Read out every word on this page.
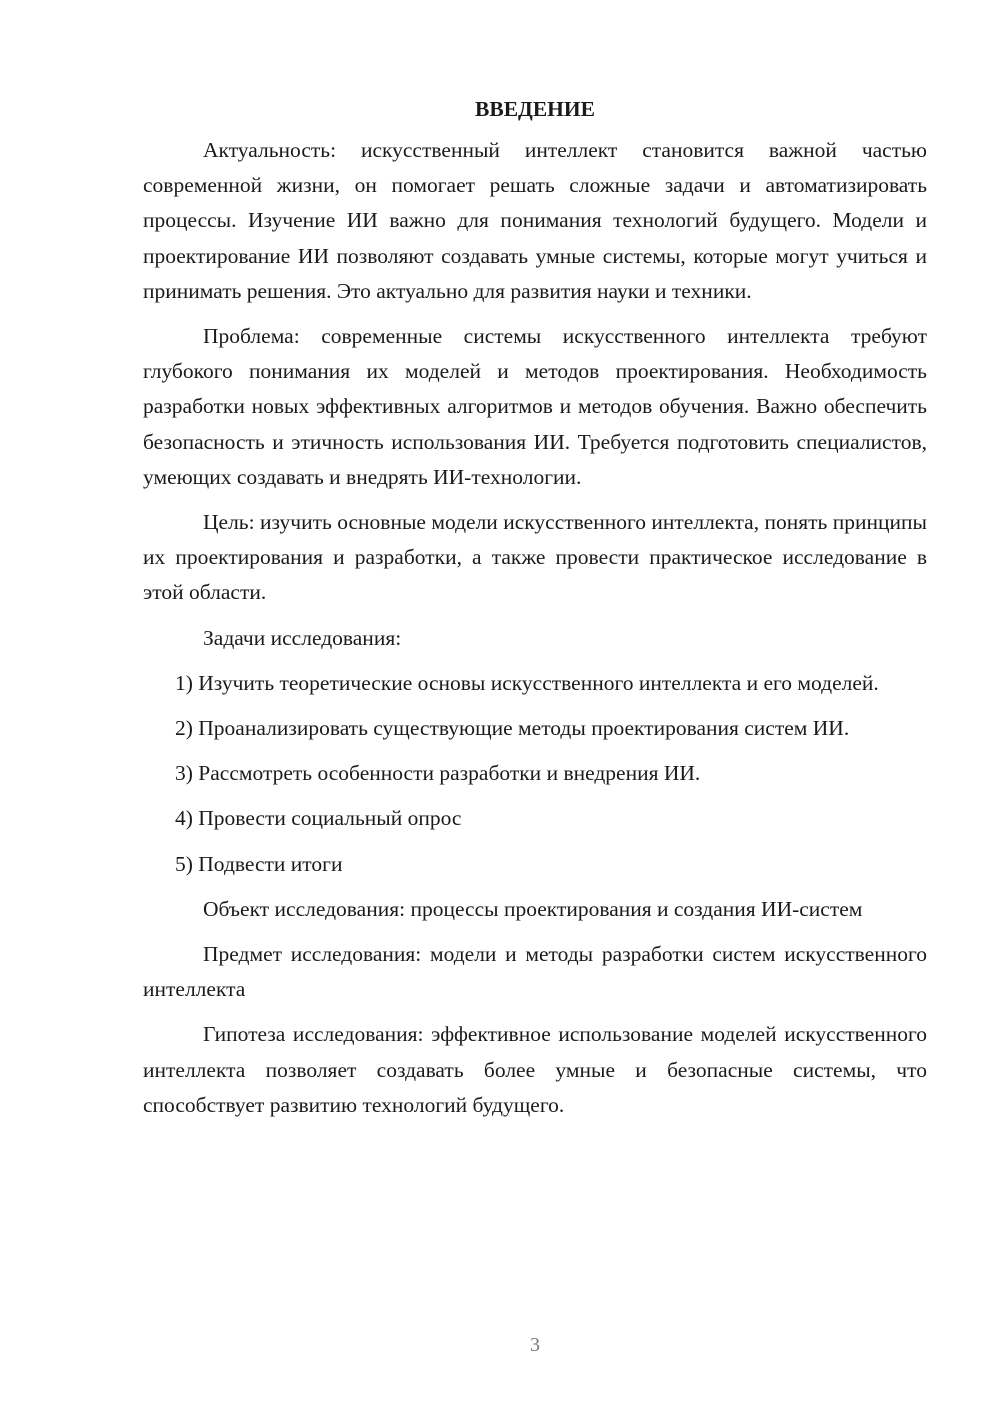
ВВЕДЕНИЕ

Актуальность: искусственный интеллект становится важной частью современной жизни, он помогает решать сложные задачи и автоматизировать процессы. Изучение ИИ важно для понимания технологий будущего. Модели и проектирование ИИ позволяют создавать умные системы, которые могут учиться и принимать решения. Это актуально для развития науки и техники.

Проблема: современные системы искусственного интеллекта требуют глубокого понимания их моделей и методов проектирования. Необходимость разработки новых эффективных алгоритмов и методов обучения. Важно обеспечить безопасность и этичность использования ИИ. Требуется подготовить специалистов, умеющих создавать и внедрять ИИ-технологии.

Цель: изучить основные модели искусственного интеллекта, понять принципы их проектирования и разработки, а также провести практическое исследование в этой области.

Задачи исследования:

1) Изучить теоретические основы искусственного интеллекта и его моделей.

2) Проанализировать существующие методы проектирования систем ИИ.

3) Рассмотреть особенности разработки и внедрения ИИ.

4) Провести социальный опрос

5) Подвести итоги

Объект исследования: процессы проектирования и создания ИИ-систем

Предмет исследования: модели и методы разработки систем искусственного интеллекта

Гипотеза исследования: эффективное использование моделей искусственного интеллекта позволяет создавать более умные и безопасные системы, что способствует развитию технологий будущего.

3
